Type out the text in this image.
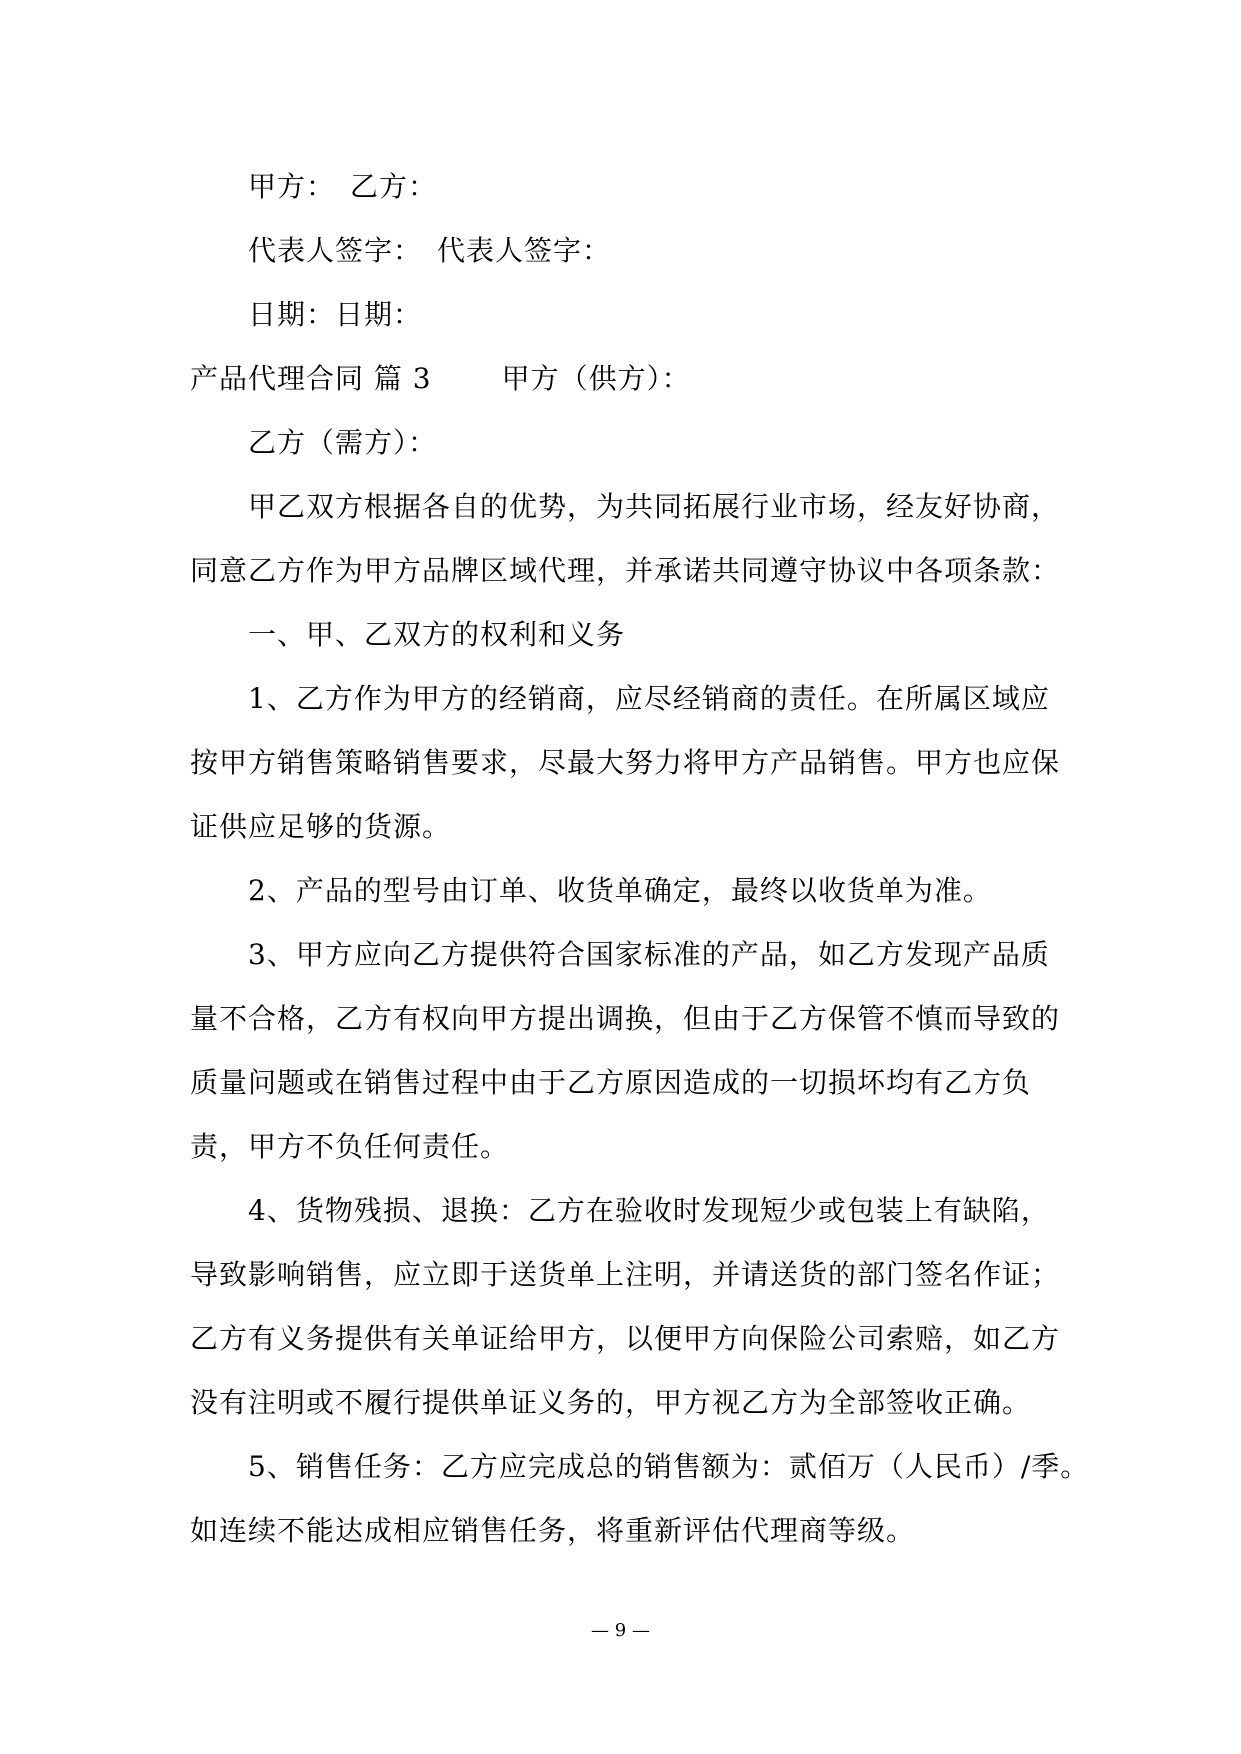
甲方：　乙方：
代表人签字：　代表人签字：
日期：日期：
产品代理合同 篇 3	甲方（供方）：
乙方（需方）：
甲乙双方根据各自的优势，为共同拓展行业市场，经友好协商，
同意乙方作为甲方品牌区域代理，并承诺共同遵守协议中各项条款：
一、甲、乙双方的权利和义务
1、乙方作为甲方的经销商，应尽经销商的责任。在所属区域应
按甲方销售策略销售要求，尽最大努力将甲方产品销售。甲方也应保
证供应足够的货源。
2、产品的型号由订单、收货单确定，最终以收货单为准。
3、甲方应向乙方提供符合国家标准的产品，如乙方发现产品质
量不合格，乙方有权向甲方提出调换，但由于乙方保管不慎而导致的
质量问题或在销售过程中由于乙方原因造成的一切损坏均有乙方负
责，甲方不负任何责任。
4、货物残损、退换：乙方在验收时发现短少或包装上有缺陷，
导致影响销售，应立即于送货单上注明，并请送货的部门签名作证；
乙方有义务提供有关单证给甲方，以便甲方向保险公司索赔，如乙方
没有注明或不履行提供单证义务的，甲方视乙方为全部签收正确。
5、销售任务：乙方应完成总的销售额为：贰佰万（人民币）/季。
如连续不能达成相应销售任务，将重新评估代理商等级。
— 9 —
